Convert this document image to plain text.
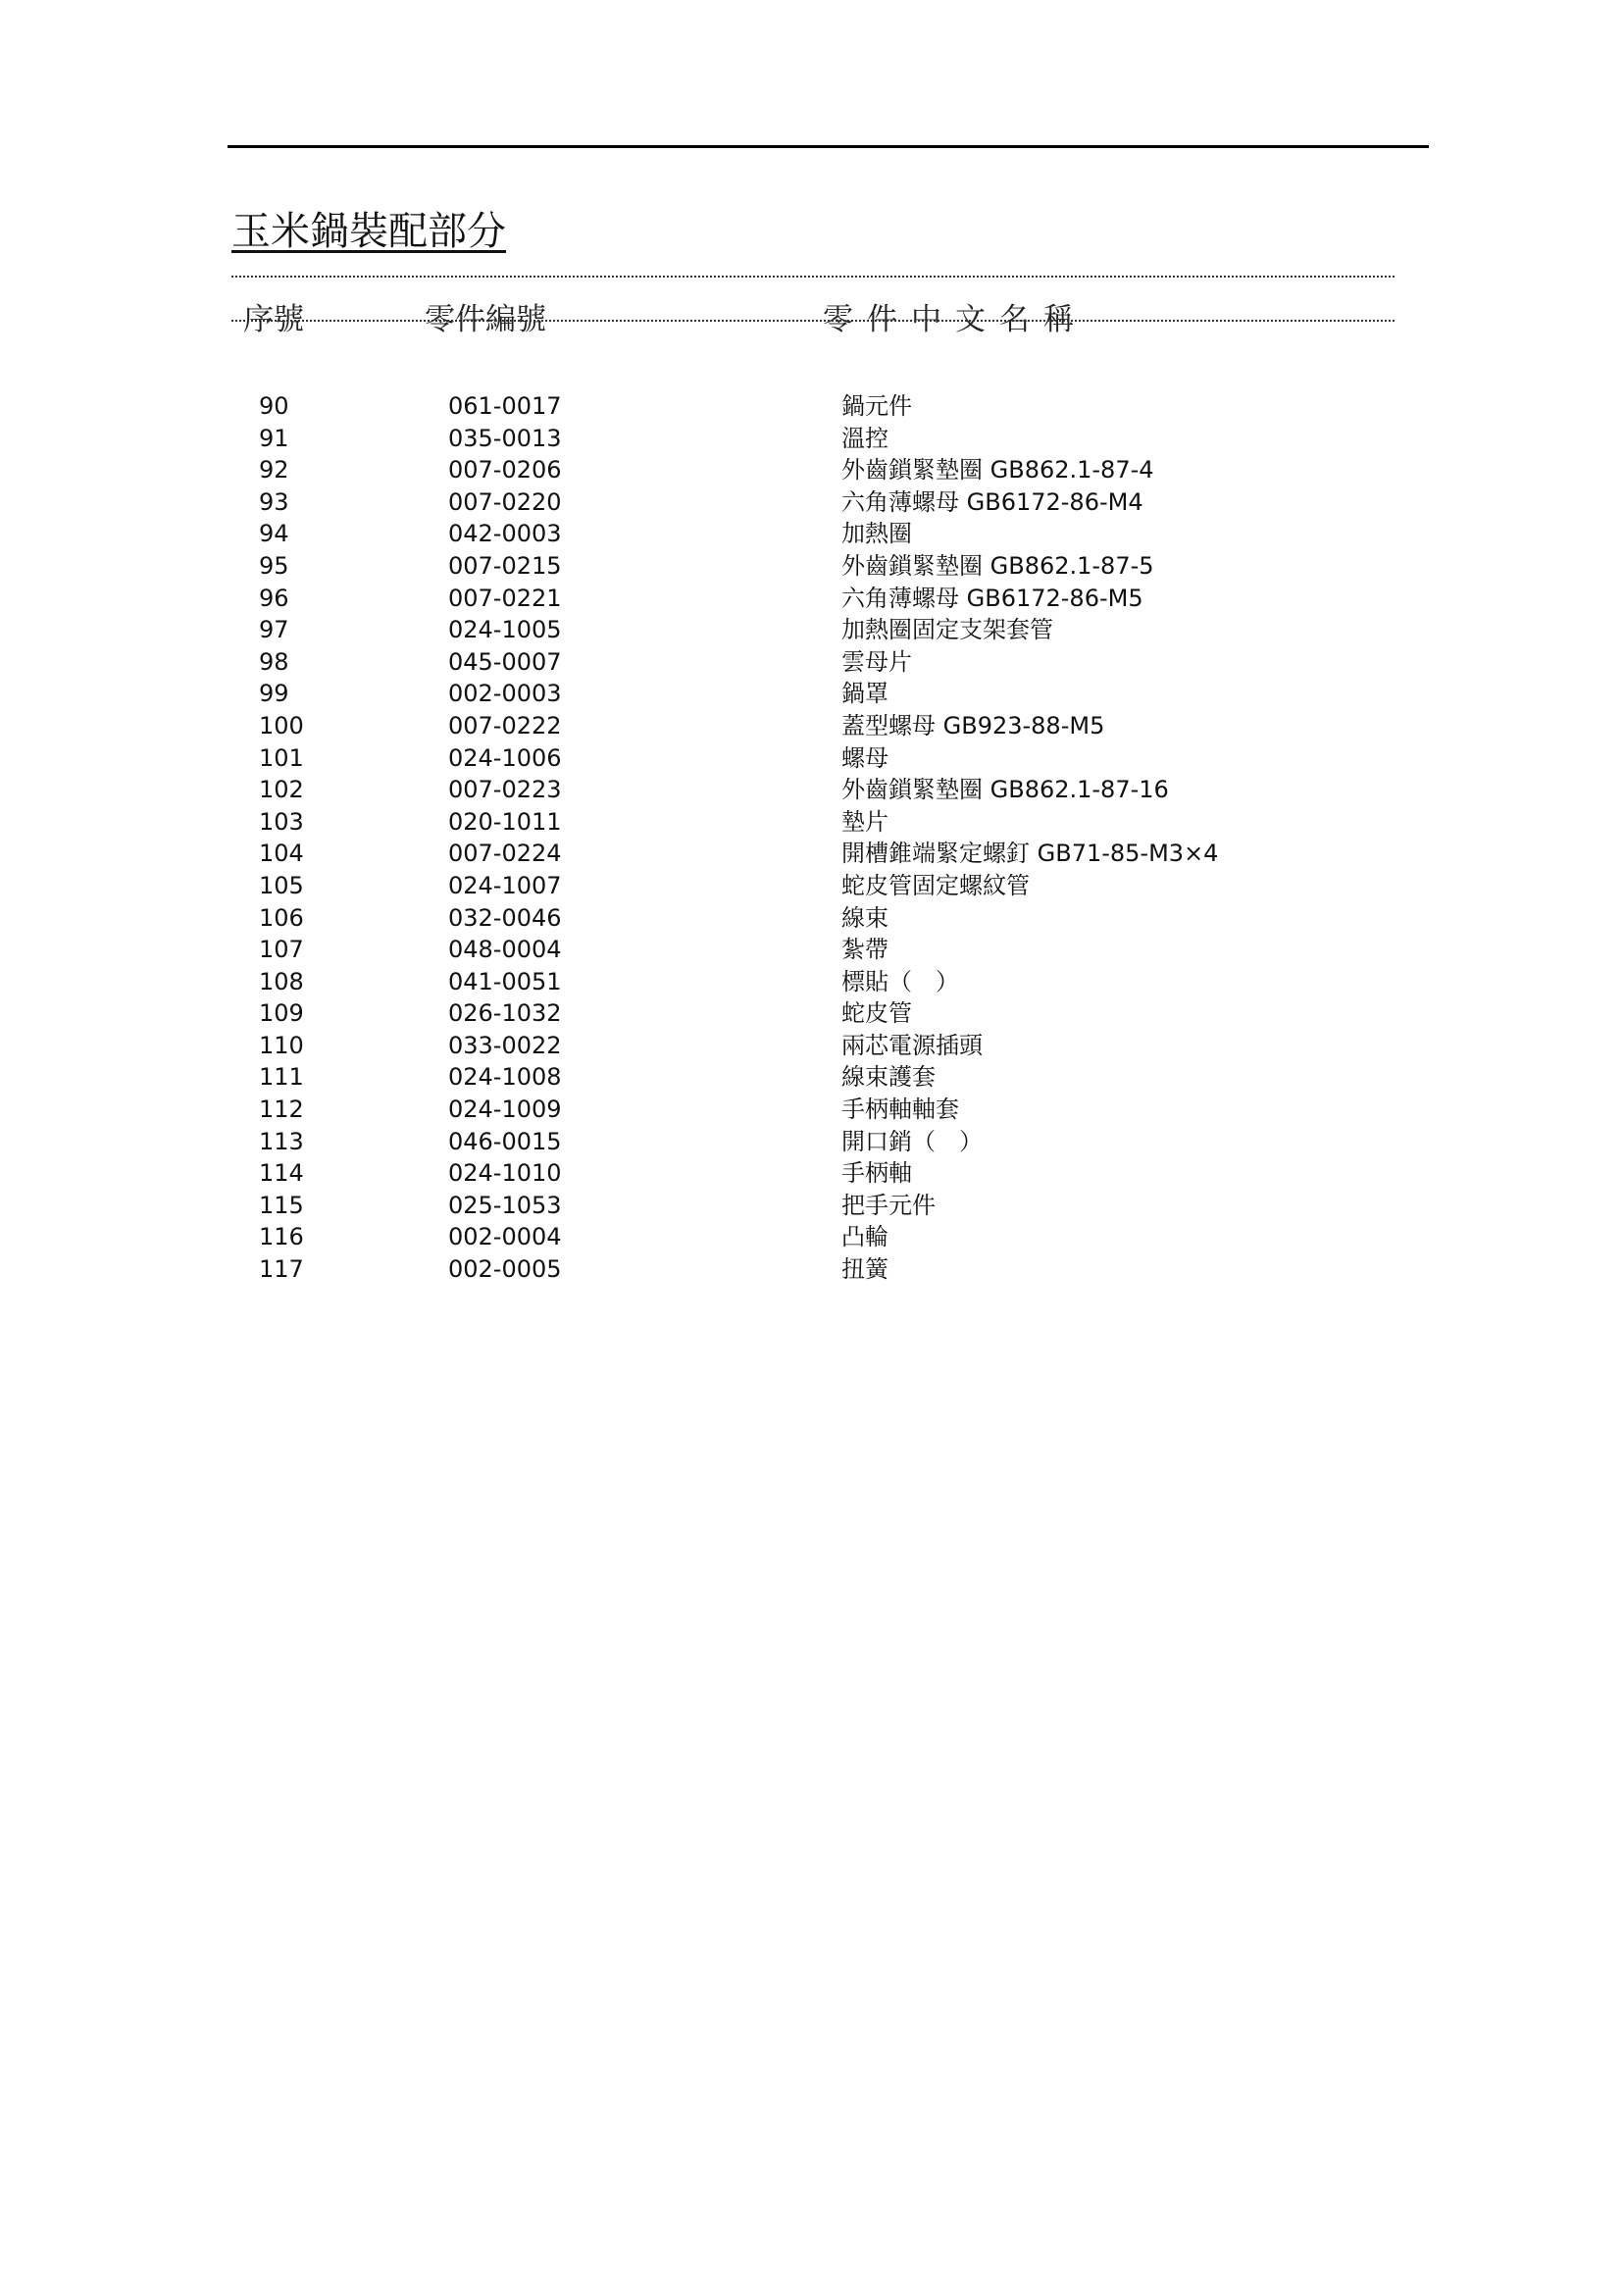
玉米鍋裝配部分
序號	零件編號	零件中文名稱
90	061-0017	鍋元件
91	035-0013	溫控
92	007-0206	外齒鎖緊墊圈 GB862.1-87-4
93	007-0220	六角薄螺母 GB6172-86-M4
94	042-0003	加熱圈
95	007-0215	外齒鎖緊墊圈 GB862.1-87-5
96	007-0221	六角薄螺母 GB6172-86-M5
97	024-1005	加熱圈固定支架套管
98	045-0007	雲母片
99	002-0003	鍋罩
100	007-0222	蓋型螺母 GB923-88-M5
101	024-1006	螺母
102	007-0223	外齒鎖緊墊圈 GB862.1-87-16
103	020-1011	墊片
104	007-0224	開槽錐端緊定螺釘 GB71-85-M3×4
105	024-1007	蛇皮管固定螺紋管
106	032-0046	線束
107	048-0004	紮帶
108	041-0051	標貼（　）
109	026-1032	蛇皮管
110	033-0022	兩芯電源插頭
111	024-1008	線束護套
112	024-1009	手柄軸軸套
113	046-0015	開口銷（　）
114	024-1010	手柄軸
115	025-1053	把手元件
116	002-0004	凸輪
117	002-0005	扭簧
